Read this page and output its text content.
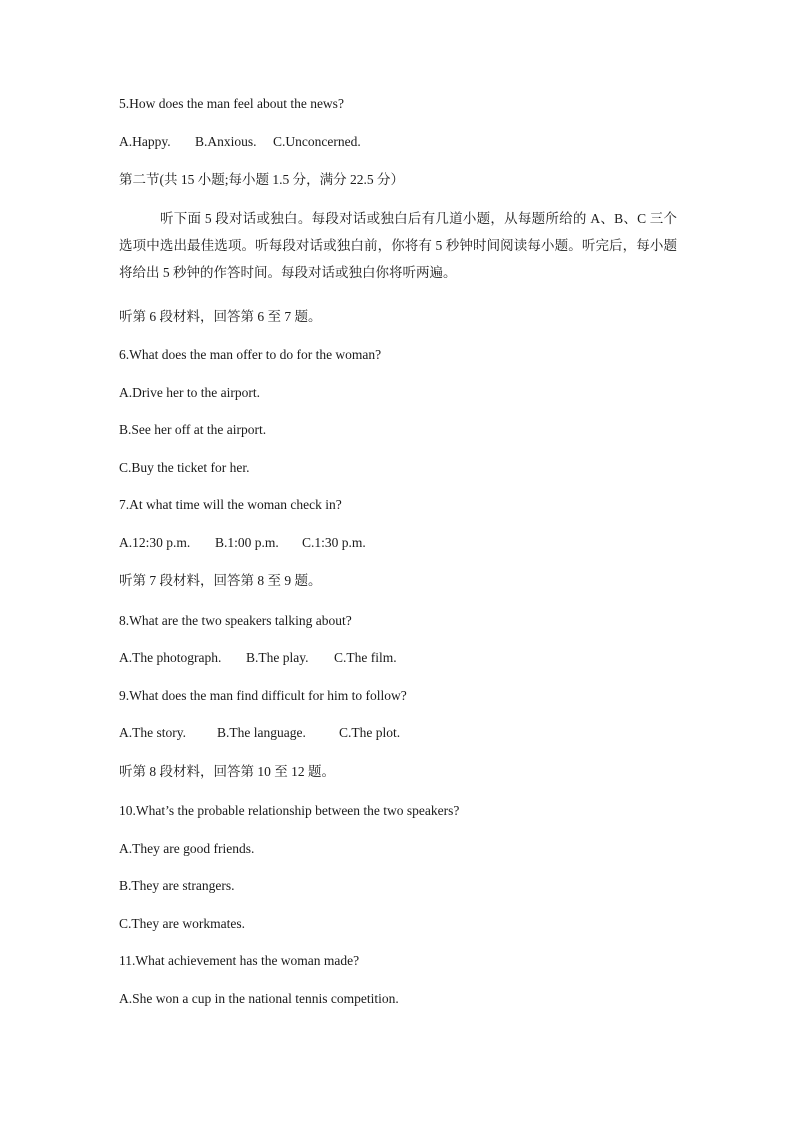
5.How does the man feel about the news?
A.Happy. B.Anxious. C.Unconcerned.
第二节(共 15 小题;每小题 1.5 分，满分 22.5 分）
听下面 5 段对话或独白。每段对话或独白后有几道小题，从每题所给的 A、B、C 三个选项中选出最佳选项。听每段对话或独白前，你将有 5 秒钟时间阅读每小题。听完后，每小题将给出 5 秒钟的作答时间。每段对话或独白你将听两遍。
听第 6 段材料，回答第 6 至 7 题。
6.What does the man offer to do for the woman?
A.Drive her to the airport.
B.See her off at the airport.
C.Buy the ticket for her.
7.At what time will the woman check in?
A.12:30 p.m. B.1:00 p.m. C.1:30 p.m.
听第 7 段材料，回答第 8 至 9 题。
8.What are the two speakers talking about?
A.The photograph. B.The play. C.The film.
9.What does the man find difficult for him to follow?
A.The story. B.The language. C.The plot.
听第 8 段材料，回答第 10 至 12 题。
10.What’s the probable relationship between the two speakers?
A.They are good friends.
B.They are strangers.
C.They are workmates.
11.What achievement has the woman made?
A.She won a cup in the national tennis competition.
